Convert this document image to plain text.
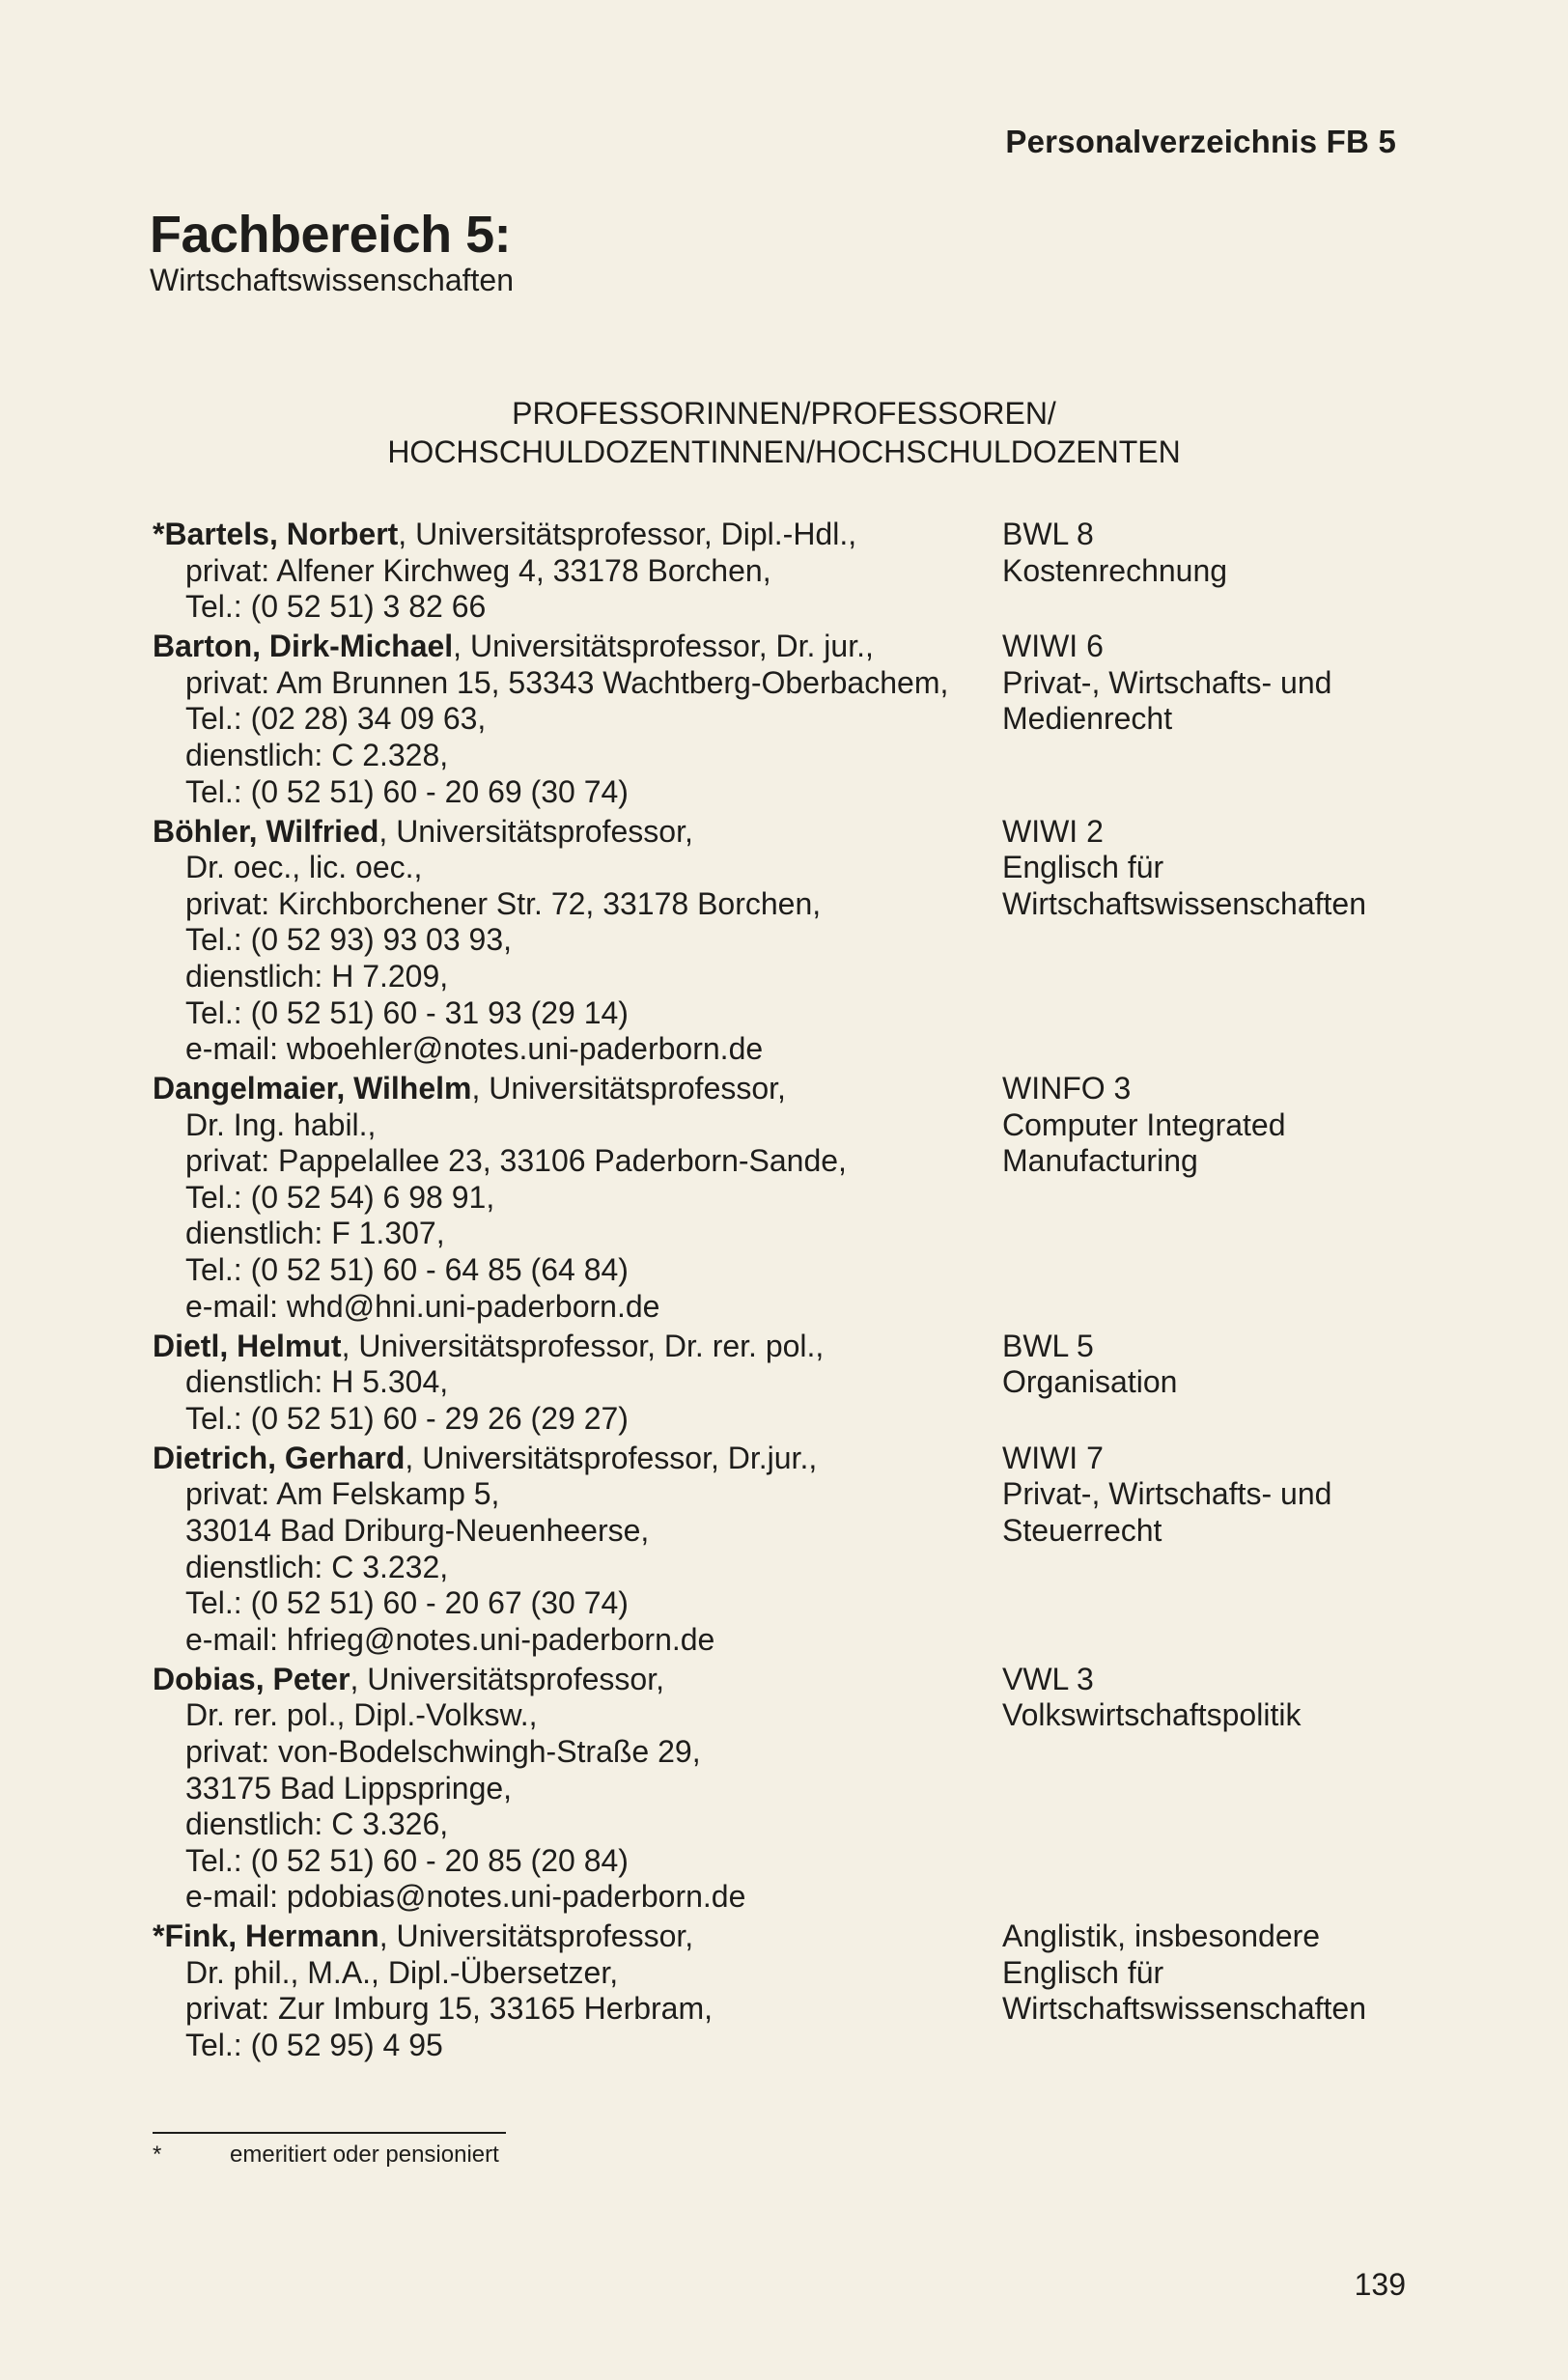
Personalverzeichnis FB 5
Fachbereich 5:
Wirtschaftswissenschaften
PROFESSORINNEN/PROFESSOREN/
HOCHSCHULDOZENTINNEN/HOCHSCHULDOZENTEN
*Bartels, Norbert, Universitätsprofessor, Dipl.-Hdl.,
privat: Alfener Kirchweg 4, 33178 Borchen,
Tel.: (0 52 51) 3 82 66
BWL 8
Kostenrechnung
Barton, Dirk-Michael, Universitätsprofessor, Dr. jur.,
privat: Am Brunnen 15, 53343 Wachtberg-Oberbachem,
Tel.: (02 28) 34 09 63,
dienstlich: C 2.328,
Tel.: (0 52 51) 60 - 20 69 (30 74)
WIWI 6
Privat-, Wirtschafts- und
Medienrecht
Böhler, Wilfried, Universitätsprofessor,
Dr. oec., lic. oec.,
privat: Kirchborchener Str. 72, 33178 Borchen,
Tel.: (0 52 93) 93 03 93,
dienstlich: H 7.209,
Tel.: (0 52 51) 60 - 31 93 (29 14)
e-mail: wboehler@notes.uni-paderborn.de
WIWI 2
Englisch für
Wirtschaftswissenschaften
Dangelmaier, Wilhelm, Universitätsprofessor,
Dr. Ing. habil.,
privat: Pappelallee 23, 33106 Paderborn-Sande,
Tel.: (0 52 54) 6 98 91,
dienstlich: F 1.307,
Tel.: (0 52 51) 60 - 64 85 (64 84)
e-mail: whd@hni.uni-paderborn.de
WINFO 3
Computer Integrated
Manufacturing
Dietl, Helmut, Universitätsprofessor, Dr. rer. pol.,
dienstlich: H 5.304,
Tel.: (0 52 51) 60 - 29 26 (29 27)
BWL 5
Organisation
Dietrich, Gerhard, Universitätsprofessor, Dr.jur.,
privat: Am Felskamp 5,
33014 Bad Driburg-Neuenheerse,
dienstlich: C 3.232,
Tel.: (0 52 51) 60 - 20 67 (30 74)
e-mail: hfrieg@notes.uni-paderborn.de
WIWI 7
Privat-, Wirtschafts- und
Steuerrecht
Dobias, Peter, Universitätsprofessor,
Dr. rer. pol., Dipl.-Volksw.,
privat: von-Bodelschwingh-Straße 29,
33175 Bad Lippspringe,
dienstlich: C 3.326,
Tel.: (0 52 51) 60 - 20 85 (20 84)
e-mail: pdobias@notes.uni-paderborn.de
VWL 3
Volkswirtschaftspolitik
*Fink, Hermann, Universitätsprofessor,
Dr. phil., M.A., Dipl.-Übersetzer,
privat: Zur Imburg 15, 33165 Herbram,
Tel.: (0 52 95) 4 95
Anglistik, insbesondere
Englisch für
Wirtschaftswissenschaften
*	emeritiert oder pensioniert
139
